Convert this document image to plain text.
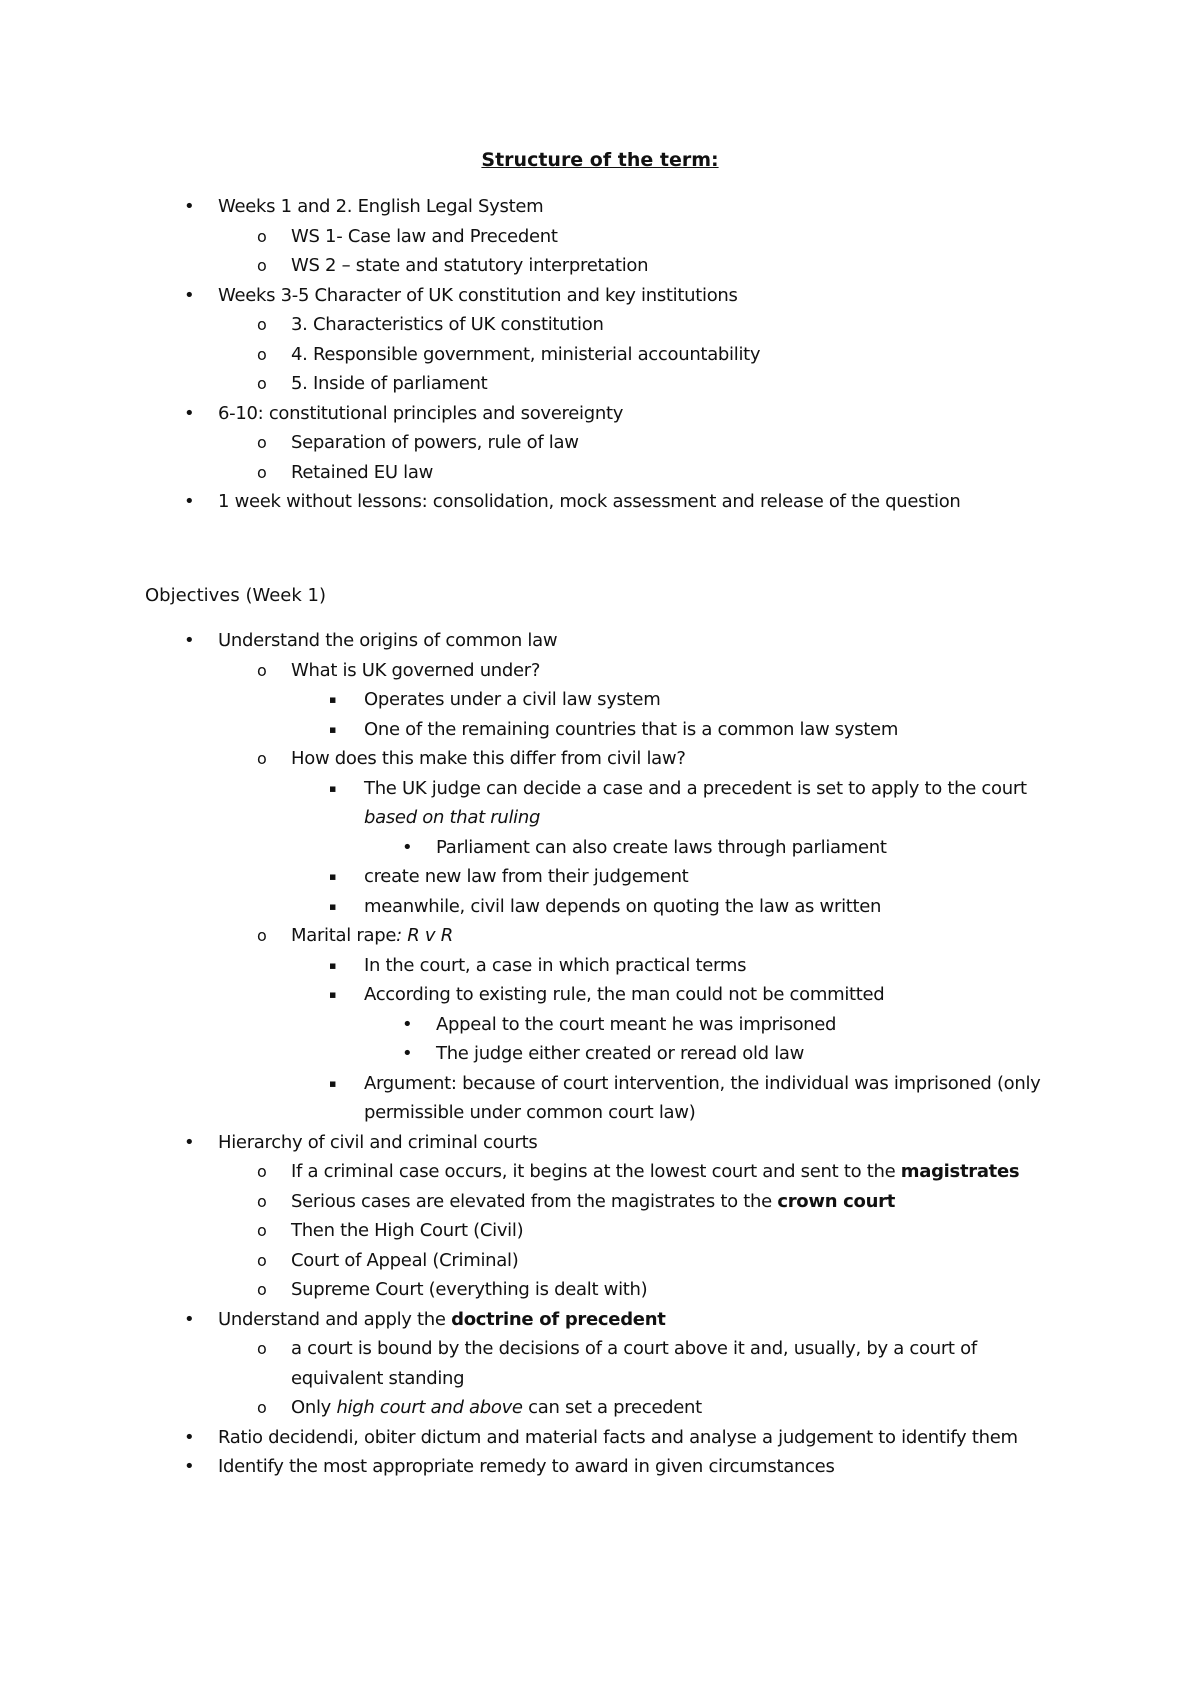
Structure of the term:
• Weeks 1 and 2. English Legal System
o WS 1- Case law and Precedent
o WS 2 – state and statutory interpretation
• Weeks 3-5 Character of UK constitution and key institutions
o 3. Characteristics of UK constitution
o 4. Responsible government, ministerial accountability
o 5. Inside of parliament
• 6-10: constitutional principles and sovereignty
o Separation of powers, rule of law
o Retained EU law
• 1 week without lessons: consolidation, mock assessment and release of the question
Objectives (Week 1)
• Understand the origins of common law
o What is UK governed under?
▪ Operates under a civil law system
▪ One of the remaining countries that is a common law system
o How does this make this differ from civil law?
▪ The UK judge can decide a case and a precedent is set to apply to the court based on that ruling
• Parliament can also create laws through parliament
▪ create new law from their judgement
▪ meanwhile, civil law depends on quoting the law as written
o Marital rape: R v R
▪ In the court, a case in which practical terms
▪ According to existing rule, the man could not be committed
• Appeal to the court meant he was imprisoned
• The judge either created or reread old law
▪ Argument: because of court intervention, the individual was imprisoned (only permissible under common court law)
• Hierarchy of civil and criminal courts
o If a criminal case occurs, it begins at the lowest court and sent to the magistrates
o Serious cases are elevated from the magistrates to the crown court
o Then the High Court (Civil)
o Court of Appeal (Criminal)
o Supreme Court (everything is dealt with)
• Understand and apply the doctrine of precedent
o a court is bound by the decisions of a court above it and, usually, by a court of equivalent standing
o Only high court and above can set a precedent
• Ratio decidendi, obiter dictum and material facts and analyse a judgement to identify them
• Identify the most appropriate remedy to award in given circumstances
